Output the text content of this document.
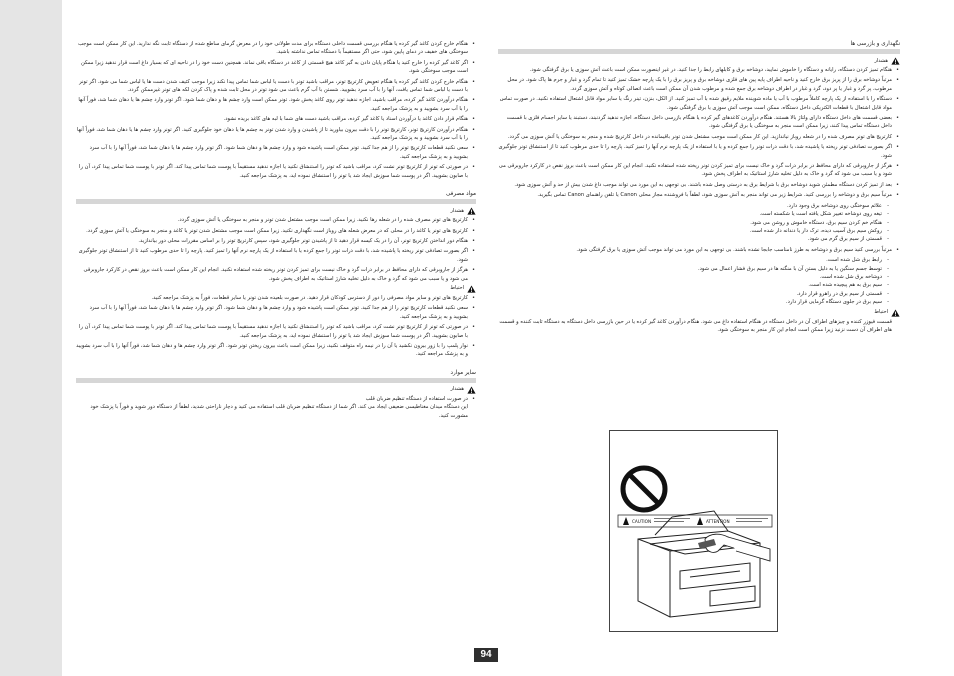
• هنگام خارج کردن کاغذ گیر کرده یا هنگام بررسی قسمت داخلی دستگاه برای مدت طولانی خود را در معرض گرمای ساطع شده از دستگاه ثابت نگه ندارید. این کار ممکن است موجب سوختگی های خفیف در دمای پایین شود، حتی اگر مستقیماً با دستگاه تماس نداشته باشید.
• اگر کاغذ گیر کرده را خارج کنید یا هنگام پایان دادن به گیر کاغذ هیچ قسمتی از کاغذ در دستگاه باقی نماند. همچنین دست خود را در ناحیه ای که بسیار داغ است قرار ندهید زیرا ممکن است موجب سوختگی شود.
• هنگام خارج کردن کاغذ گیر کرده یا هنگام تعویض کارتریج تونر، مراقب باشید تونر با دست یا لباس شما تماس پیدا نکند زیرا موجب کثیف شدن دست ها یا لباس شما می شود. اگر تونر با دست یا لباس شما تماس یافت، آنها را با آب سرد بشویید. شستن با آب گرم باعث می شود تونر در محل ثابت شده و پاک کردن لکه های تونر غیرممکن گردد.
• هنگام درآوردن کاغذ گیر کرده، مراقب باشید، اجازه ندهید تونر روی کاغذ پخش شود. تونر ممکن است وارد چشم ها و دهان شما شود. اگر تونر وارد چشم ها یا دهان شما شد، فوراً آنها را با آب سرد بشویید و به پزشک مراجعه کنید.
• هنگام قرار دادن کاغذ یا درآوردن اسناد یا کاغذ گیر کرده، مراقب باشید دست های شما با لبه های کاغذ بریده نشود.
• هنگام درآوردن کارتریج تونر، کارتریج تونر را با دقت بیرون بیاورید تا از پاشیدن و وارد شدن تونر به چشم ها یا دهان خود جلوگیری کنید. اگر تونر وارد چشم ها یا دهان شما شد، فوراً آنها را با آب سرد بشویید و به پزشک مراجعه کنید.
• سعی نکنید قطعات کارتریج تونر را از هم جدا کنید. تونر ممکن است پاشیده شود و وارد چشم ها و دهان شما شود. اگر تونر وارد چشم ها یا دهان شما شد، فوراً آنها را با آب سرد بشویید و به پزشک مراجعه کنید.
• در صورتی که تونر از کارتریج تونر نشت کرد، مراقب باشید که تونر را استنشاق نکنید یا اجازه ندهید مستقیماً با پوست شما تماس پیدا کند. اگر تونر با پوست شما تماس پیدا کرد، آن را با صابون بشویید. اگر در پوست شما سوزش ایجاد شد یا تونر را استنشاق نموده اید، به پزشک مراجعه کنید.
مواد مصرفی
هشدار
• کارتریج های تونر مصرف شده را در شعله رها نکنید. زیرا ممکن است موجب مشتعل شدن تونر و منجر به سوختگی یا آتش سوزی گردد.
• کارتریج های تونر یا کاغذ را در محلی که در معرض شعله های روباز است نگهداری نکنید. زیرا ممکن است موجب مشتعل شدن تونر یا کاغذ و منجر به سوختگی یا آتش سوزی گردد.
• هنگام دور انداختن کارتریج تونر، آن را در یک کیسه قرار دهید تا از پاشیدن تونر جلوگیری شود، سپس کارتریج تونر را بر اساس مقررات محلی دور بیاندازید.
• اگر بصورت تصادفی تونر ریخته یا پاشیده شد، با دقت ذرات تونر را جمع کرده یا با استفاده از یک پارچه نرم آنها را تمیز کنید. پارچه را تا حدی مرطوب کنید تا از استنشاق تونر جلوگیری شود.
• هرگز از جاروبرقی که دارای محافظ در برابر ذرات گرد و خاک نیست برای تمیز کردن تونر ریخته شده استفاده نکنید. انجام این کار ممکن است باعث بروز نقص در کارکرد جاروبرقی می شود و یا سبب می شود که گرد و خاک به دلیل تخلیه شارژ استاتیک به اطراف پخش شود.
احتیاط
• کارتریج های تونر و سایر مواد مصرفی را دور از دسترس کودکان قرار دهید. در صورت بلعیده شدن تونر یا سایر قطعات، فوراً به پزشک مراجعه کنید.
• سعی نکنید قطعات کارتریج تونر را از هم جدا کنید. تونر ممکن است پاشیده شود و وارد چشم ها و دهان شما شود. اگر تونر وارد چشم ها یا دهان شما شد، فوراً آنها را با آب سرد بشویید و به پزشک مراجعه کنید.
• در صورتی که تونر از کارتریج تونر نشت کرد، مراقب باشید که تونر را استنشاق نکنید یا اجازه ندهید مستقیماً با پوست شما تماس پیدا کند. اگر تونر با پوست شما تماس پیدا کرد، آن را با صابون بشویید. اگر در پوست شما سوزش ایجاد شد یا تونر را استنشاق نموده اید، به پزشک مراجعه کنید.
• نوار پلمپ را با زور بیرون نکشید یا آن را در نیمه راه متوقف نکنید، زیرا ممکن است باعث بیرون ریختن تونر شود. اگر تونر وارد چشم ها و دهان شما شد، فوراً آنها را با آب سرد بشویید و به پزشک مراجعه کنید.
سایر موارد
هشدار
• در صورت استفاده از دستگاه تنظیم ضربان قلب
این دستگاه میدان مغناطیسی ضعیفی ایجاد می کند. اگر شما از دستگاه تنظیم ضربان قلب استفاده می کنید و دچار ناراحتی شدید، لطفاً از دستگاه دور شوید و فوراً با پزشک خود مشورت کنید.
نگهداری و بازرسی ها
هشدار
• هنگام تمیز کردن دستگاه، رایانه و دستگاه را خاموش نمایید، دوشاخه برق و کابلهای رابط را جدا کنید. در غیر اینصورت ممکن است باعث آتش سوزی یا برق گرفتگی شود.
• مرتباً دوشاخه برق را از پریز برق خارج کنید و ناحیه اطراف پایه پین های فلزی دوشاخه برق و پریز برق را با یک پارچه خشک تمیز کنید تا تمام گرد و غبار و جرم ها پاک شود. در محل مرطوب، پر گرد و غبار یا پر دود، گرد و غبار در اطراف دوشاخه برق جمع شده و مرطوب شدن آن ممکن است باعث اتصالی کوتاه و آتش سوزی گردد.
• دستگاه را با استفاده از یک پارچه کاملاً مرطوب با آب یا ماده شوینده ملایم رقیق شده با آب تمیز کنید. از الکل، بنزن، تینر رنگ یا سایر مواد قابل اشتعال استفاده نکنید. در صورت تماس مواد قابل اشتعال با قطعات الکتریکی داخل دستگاه، ممکن است موجب آتش سوزی یا برق گرفتگی شود.
• بعضی قسمت های داخل دستگاه دارای ولتاژ بالا هستند. هنگام درآوردن کاغذهای گیر کرده یا هنگام بازرسی داخل دستگاه، اجازه ندهید گردنبند، دستبند یا سایر اجسام فلزی با قسمت داخل دستگاه تماس پیدا کنند، زیرا ممکن است منجر به سوختگی یا برق گرفتگی شود.
• کارتریج های تونر مصرف شده را در شعله روباز نیاندازید. این کار ممکن است موجب مشتعل شدن تونر باقیمانده در داخل کارتریج شده و منجر به سوختگی یا آتش سوزی می گردد.
• اگر بصورت تصادفی تونر ریخته یا پاشیده شد، با دقت ذرات تونر را جمع کرده و یا با استفاده از یک پارچه نرم آنها را تمیز کنید. پارچه را تا حدی مرطوب کنید تا از استنشاق تونر جلوگیری شود.
• هرگز از جاروبرقی که دارای محافظ در برابر ذرات گرد و خاک نیست برای تمیز کردن تونر ریخته شده استفاده نکنید. انجام این کار ممکن است باعث بروز نقص در کارکرد جاروبرقی می شود و یا سبب می شود که گرد و خاک به دلیل تخلیه شارژ استاتیک به اطراف پخش شود.
• بعد از تمیز کردن دستگاه مطمئن شوید دوشاخه برق با شرایط برق به درستی وصل شده باشند. بی توجهی به این مورد می تواند موجب داغ شدن بیش از حد و آتش سوزی شود.
• مرتباً سیم برق و دوشاخه را بررسی کنید. شرایط زیر می تواند منجر به آتش سوزی شود، لطفاً با فروشنده مجاز محلی Canon یا تلفن راهنمای Canon تماس بگیرید.
- علائم سوختگی روی دوشاخه برق وجود دارد.
- تیغه روی دوشاخه تغییر شکل یافته است یا شکسته است.
- هنگام خم کردن سیم برق، دستگاه خاموش و روشن می شود.
- روکش سیم برق آسیب دیده، ترک دار یا دندانه دار شده است.
- قسمتی از سیم برق گرم می شود.
• مرتباً بررسی کنید سیم برق و دوشاخه به طرز نامناسب جابجا نشده باشند. بی توجهی به این مورد می تواند موجب آتش سوزی یا برق گرفتگی شود.
- رابط برق شل شده است.
- توسط جسم سنگین یا به دلیل بستن آن با منگنه ها در سیم برق فشار اعمال می شود.
- دوشاخه برق شل شده است.
- سیم برق به هم پیچیده شده است.
- قسمتی از سیم برق در راهرو قرار دارد.
- سیم برق در جلوی دستگاه گرمایی قرار دارد.
احتیاط
قسمت فیوزر کننده و چیزهای اطراف آن در داخل دستگاه در هنگام استفاده داغ می شود. هنگام درآوردن کاغذ گیر کرده یا در حین بازرسی داخل دستگاه به دستگاه ثابت کننده و قسمت های اطراف آن دست نزنید زیرا ممکن است انجام این کار منجر به سوختگی شود.
CAUTION	ATTENTION
94
